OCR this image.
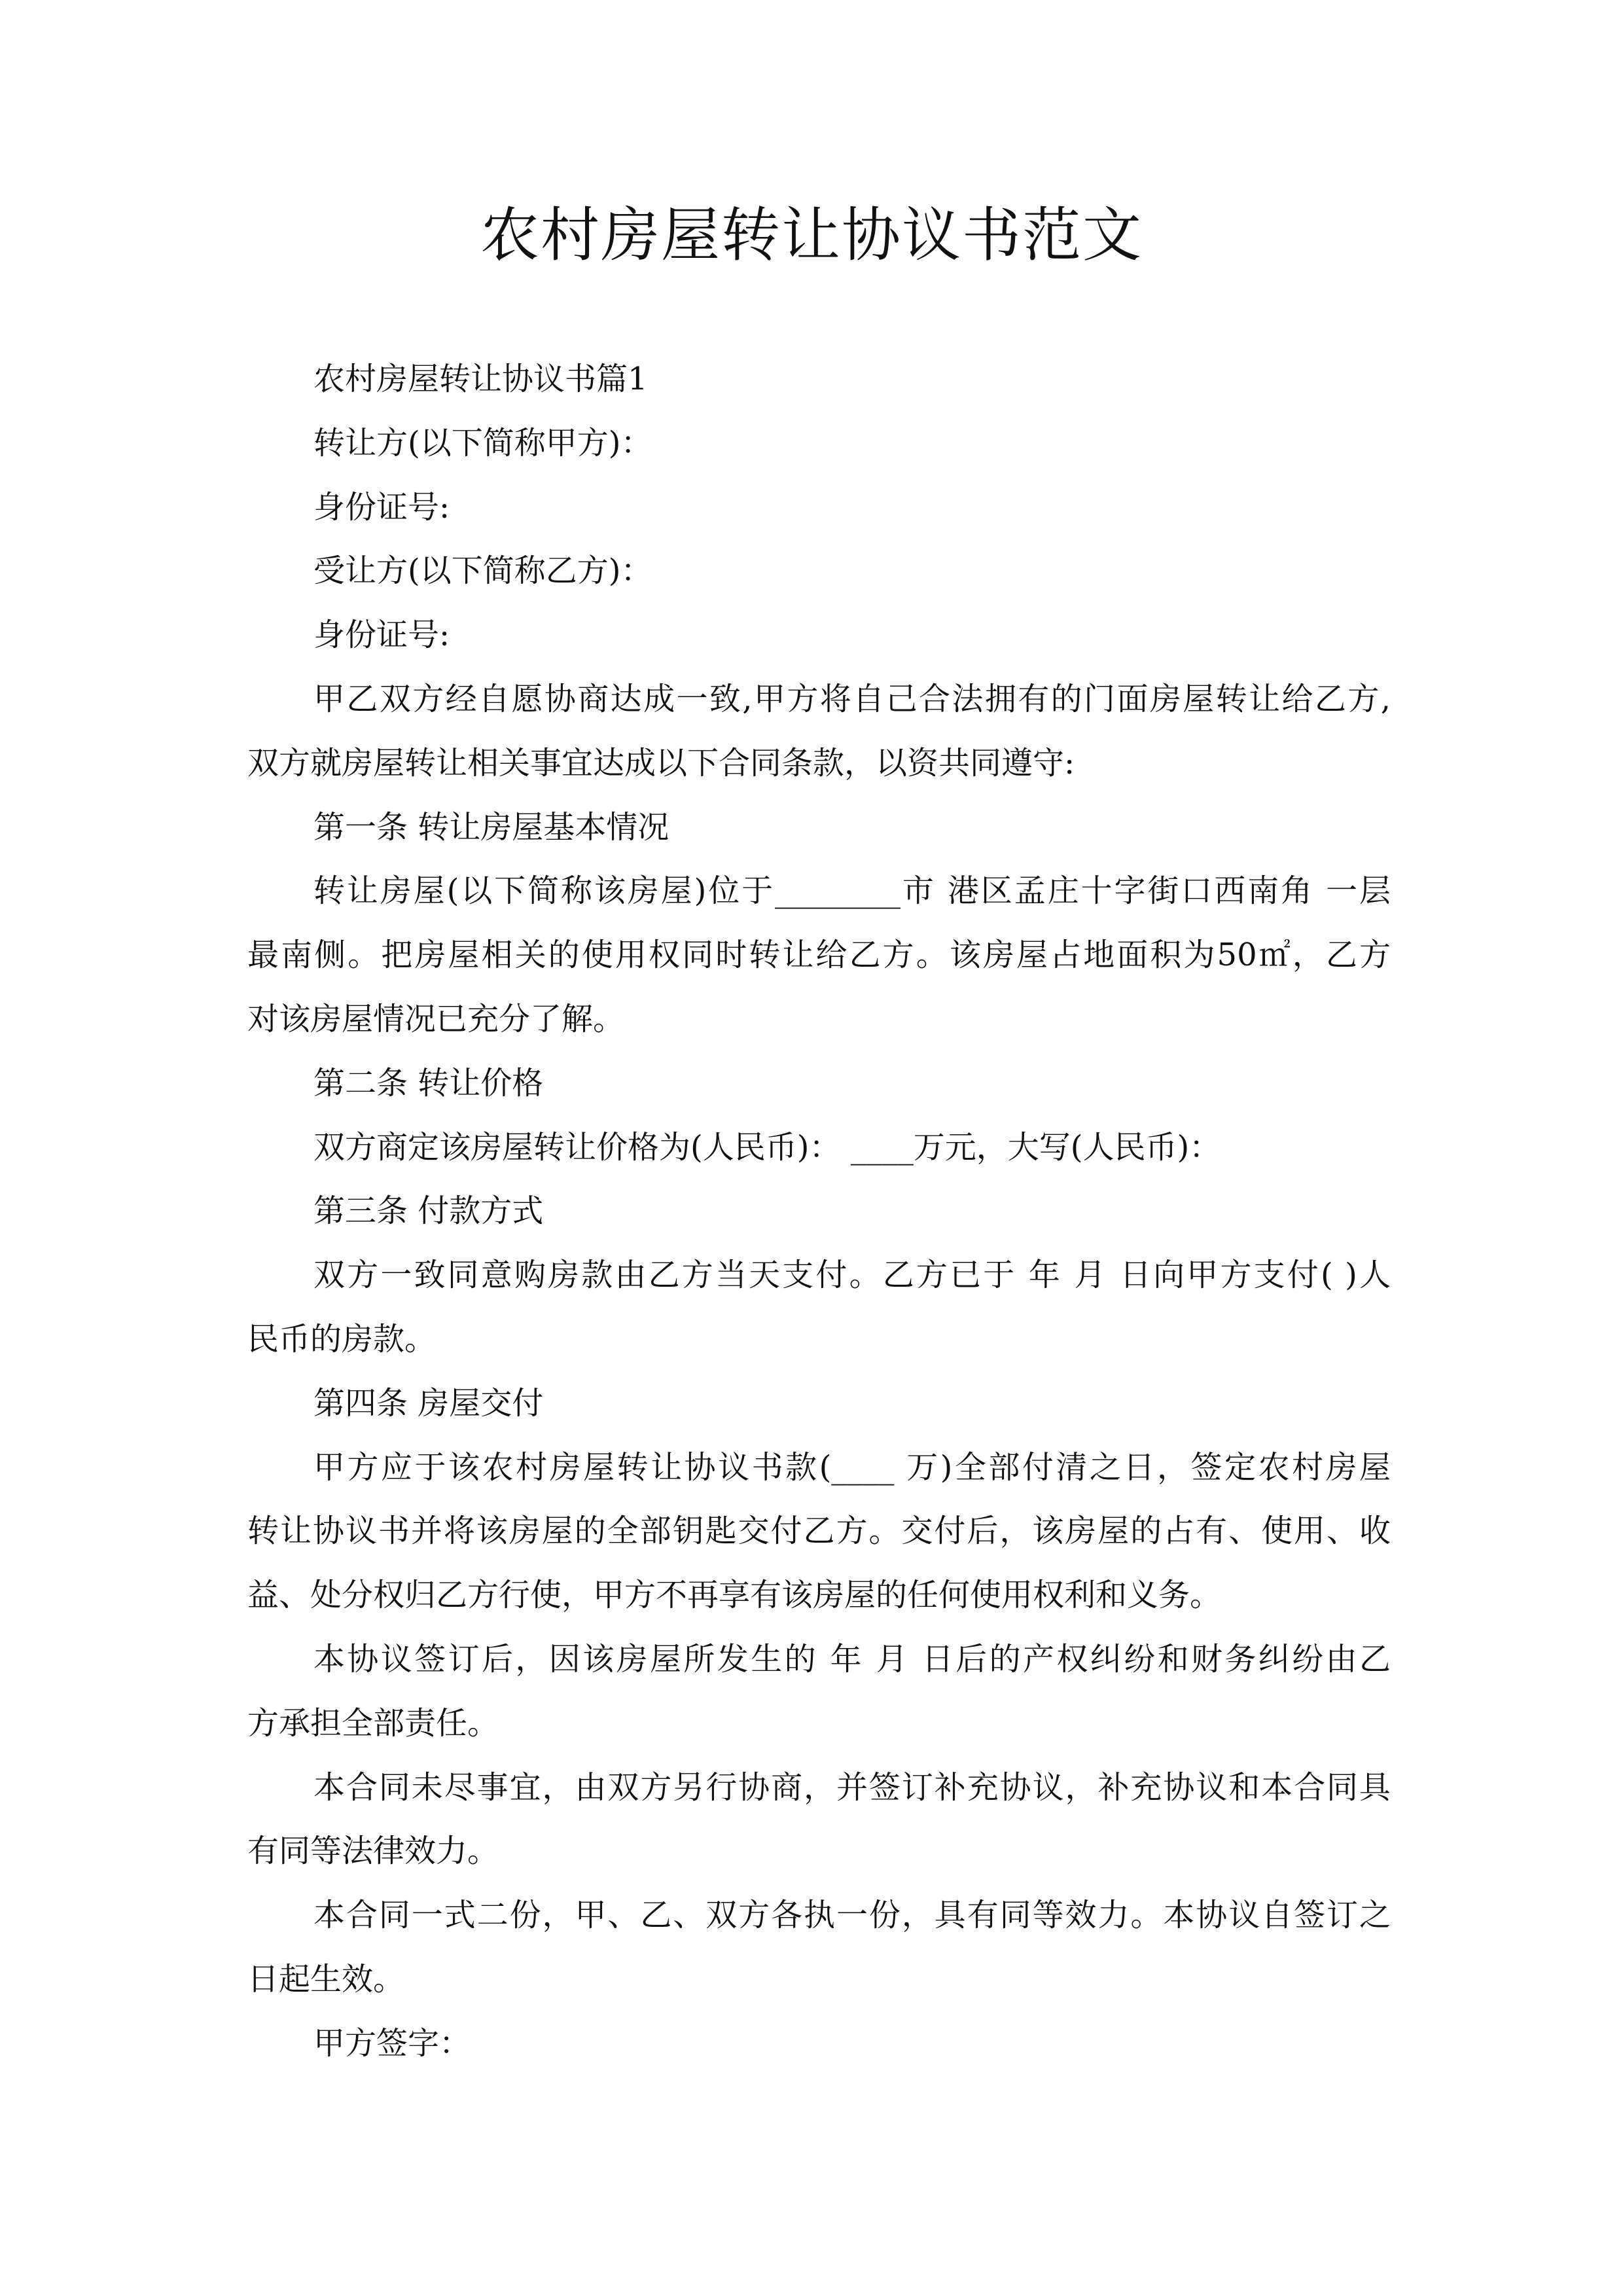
农村房屋转让协议书范文
农村房屋转让协议书篇1
转让方(以下简称甲方)：
身份证号:
受让方(以下简称乙方)：
身份证号:
甲乙双方经自愿协商达成一致,甲方将自己合法拥有的门面房屋转让给乙方,
双方就房屋转让相关事宜达成以下合同条款，以资共同遵守:
第一条 转让房屋基本情况
转让房屋(以下简称该房屋)位于________市 港区孟庄十字街口西南角 一层
最南侧。把房屋相关的使用权同时转让给乙方。该房屋占地面积为50㎡，乙方
对该房屋情况已充分了解。
第二条 转让价格
双方商定该房屋转让价格为(人民币)： ____万元，大写(人民币)：
第三条 付款方式
双方一致同意购房款由乙方当天支付。乙方已于 年 月 日向甲方支付( )人
民币的房款。
第四条 房屋交付
甲方应于该农村房屋转让协议书款(____ 万)全部付清之日，签定农村房屋
转让协议书并将该房屋的全部钥匙交付乙方。交付后，该房屋的占有、使用、收
益、处分权归乙方行使，甲方不再享有该房屋的任何使用权利和义务。
本协议签订后，因该房屋所发生的 年 月 日后的产权纠纷和财务纠纷由乙
方承担全部责任。
本合同未尽事宜，由双方另行协商，并签订补充协议，补充协议和本合同具
有同等法律效力。
本合同一式二份，甲、乙、双方各执一份，具有同等效力。本协议自签订之
日起生效。
甲方签字：
